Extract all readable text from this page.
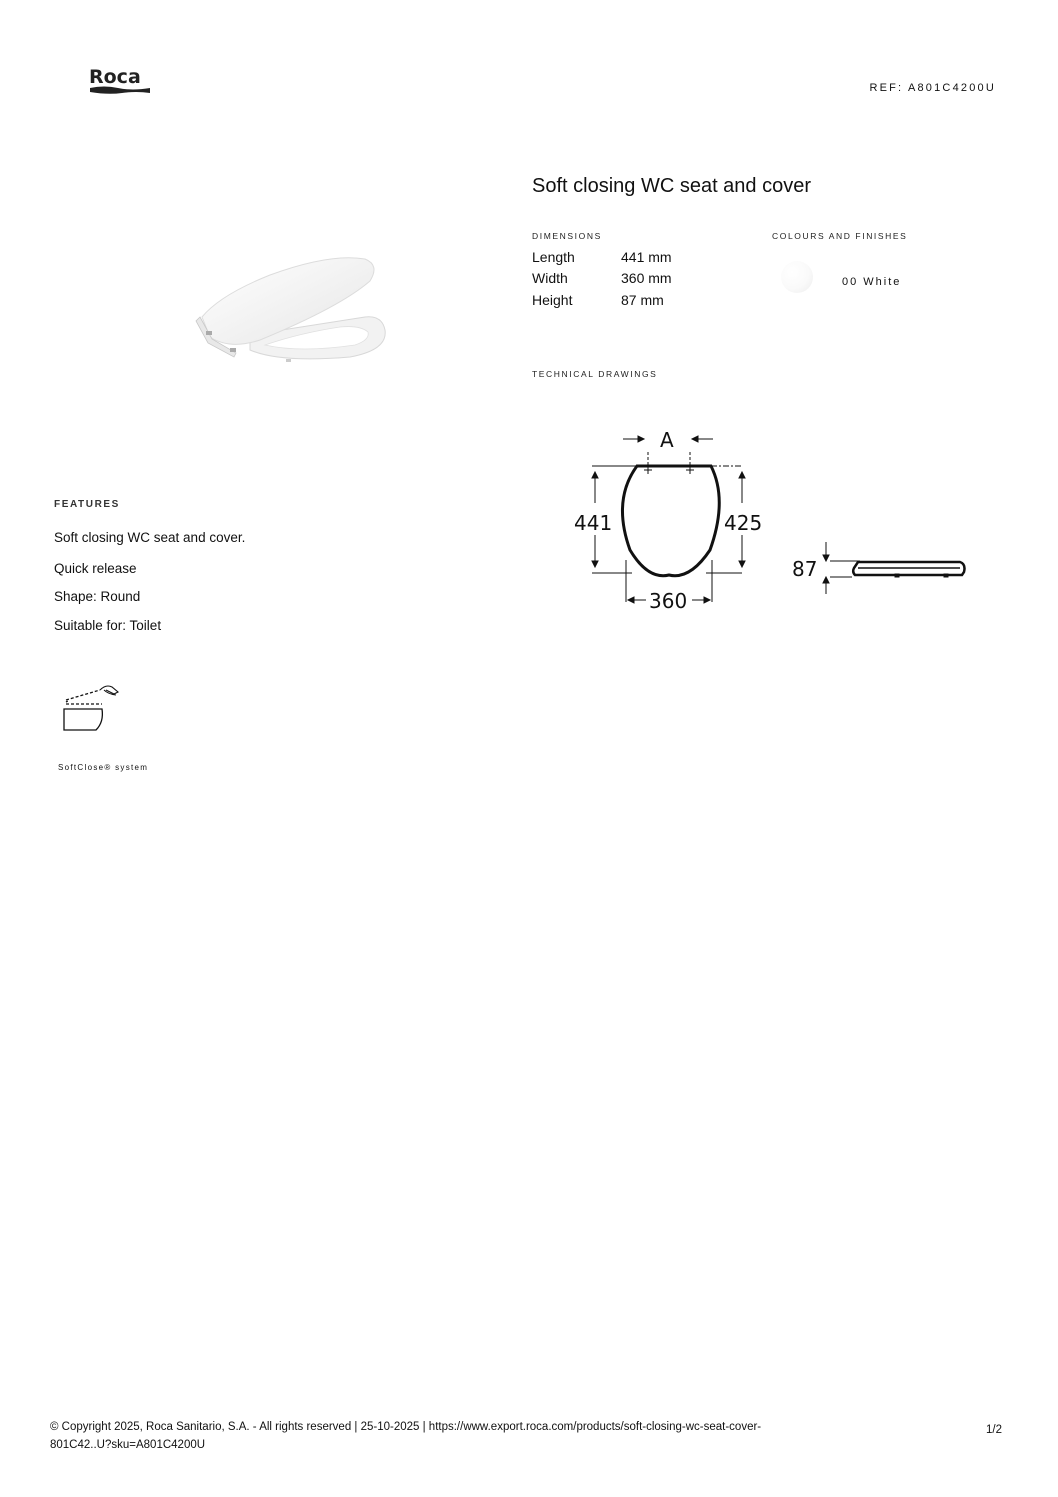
Roca	REF: A801C4200U
Soft closing WC seat and cover
DIMENSIONS
Length	441 mm
Width	360 mm
Height	87 mm
COLOURS AND FINISHES
00 White
TECHNICAL DRAWINGS
A
441	425
360
87
FEATURES
Soft closing WC seat and cover.
Quick release
Shape: Round
Suitable for: Toilet
SoftClose® system
© Copyright 2025, Roca Sanitario, S.A. - All rights reserved | 25-10-2025 | https://www.export.roca.com/products/soft-closing-wc-seat-cover-
801C42..U?sku=A801C4200U
1/2
